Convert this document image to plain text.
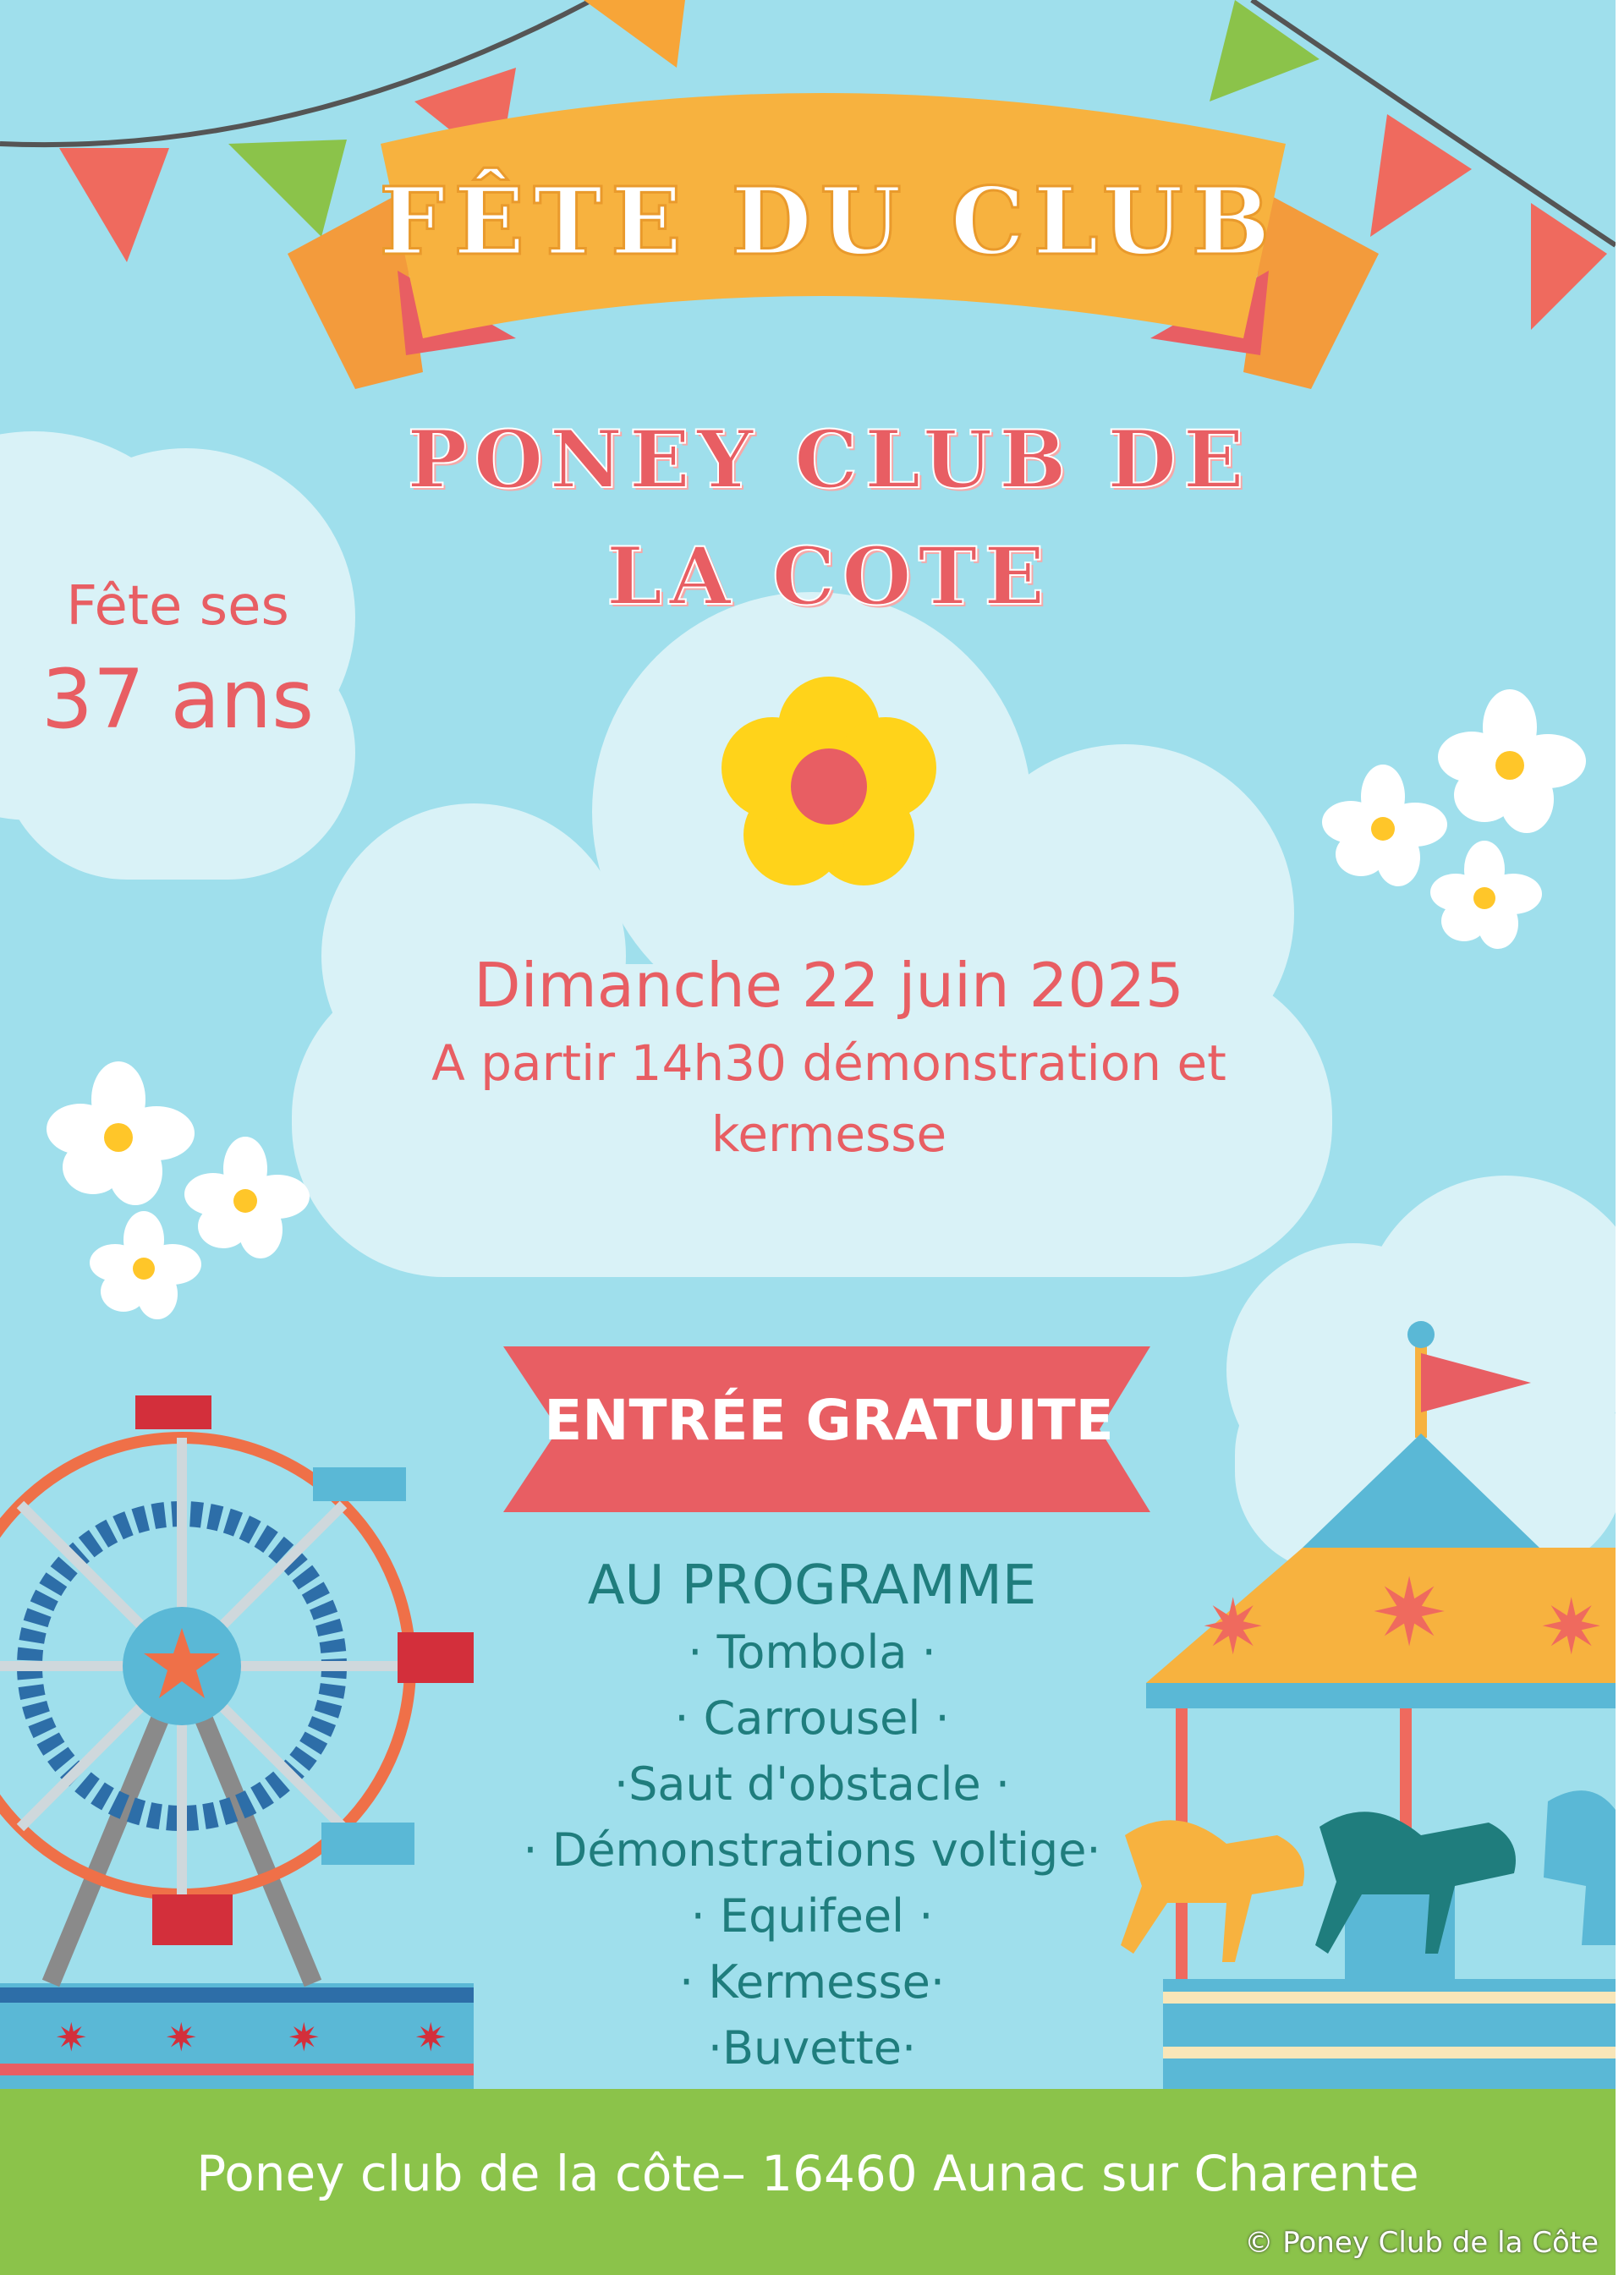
FÊTE DU CLUB
✷ ✷ ✷ ✷
✷ ✷ ✷
PONEY CLUB DE
LA COTE
Fête ses
37 ans
Dimanche 22 juin 2025
A partir 14h30 démonstration et
kermesse
ENTRÉE GRATUITE
AU PROGRAMME
· Tombola ·
· Carrousel ·
·Saut d'obstacle ·
· Démonstrations voltige·
· Equifeel ·
· Kermesse·
·Buvette·
Poney club de la côte– 16460 Aunac sur Charente
© Poney Club de la Côte
